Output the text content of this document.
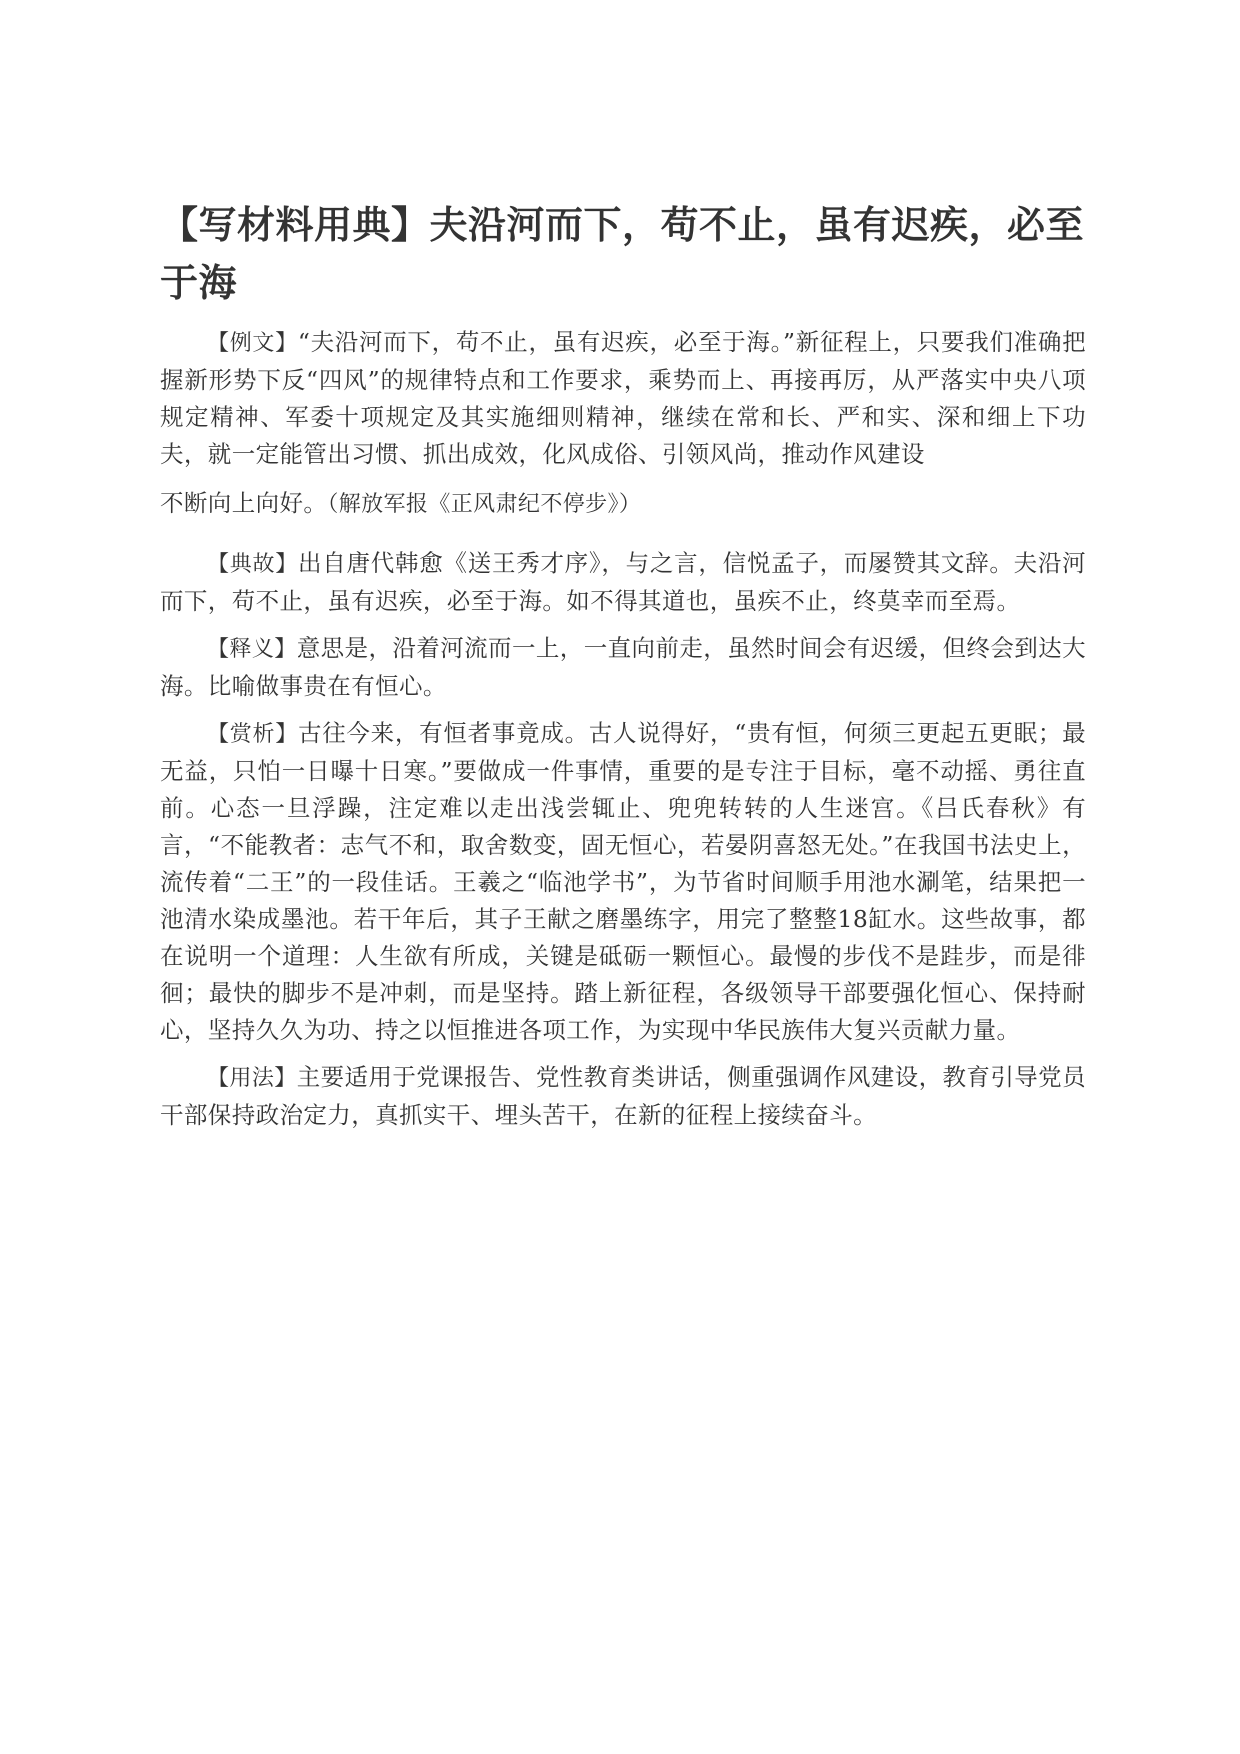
【写材料用典】夫沿河而下，苟不止，虽有迟疾，必至于海

【例文】“夫沿河而下，苟不止，虽有迟疾，必至于海。”新征程上，只要我们准确把握新形势下反“四风”的规律特点和工作要求，乘势而上、再接再厉，从严落实中央八项规定精神、军委十项规定及其实施细则精神，继续在常和长、严和实、深和细上下功夫，就一定能管出习惯、抓出成效，化风成俗、引领风尚，推动作风建设
不断向上向好。（解放军报《正风肃纪不停步》）

【典故】出自唐代韩愈《送王秀才序》，与之言，信悦孟子，而屡赞其文辞。夫沿河而下，苟不止，虽有迟疾，必至于海。如不得其道也，虽疾不止，终莫幸而至焉。

【释义】意思是，沿着河流而一上，一直向前走，虽然时间会有迟缓，但终会到达大海。比喻做事贵在有恒心。

【赏析】古往今来，有恒者事竟成。古人说得好，“贵有恒，何须三更起五更眠；最无益，只怕一日曝十日寒。”要做成一件事情，重要的是专注于目标，毫不动摇、勇往直前。心态一旦浮躁，注定难以走出浅尝辄止、兜兜转转的人生迷宫。《吕氏春秋》有言，“不能教者：志气不和，取舍数变，固无恒心，若晏阴喜怒无处。”在我国书法史上，流传着“二王”的一段佳话。王羲之“临池学书”，为节省时间顺手用池水涮笔，结果把一池清水染成墨池。若干年后，其子王献之磨墨练字，用完了整整18缸水。这些故事，都在说明一个道理：人生欲有所成，关键是砥砺一颗恒心。最慢的步伐不是跬步，而是徘徊；最快的脚步不是冲刺，而是坚持。踏上新征程，各级领导干部要强化恒心、保持耐心，坚持久久为功、持之以恒推进各项工作，为实现中华民族伟大复兴贡献力量。

【用法】主要适用于党课报告、党性教育类讲话，侧重强调作风建设，教育引导党员干部保持政治定力，真抓实干、埋头苦干，在新的征程上接续奋斗。
